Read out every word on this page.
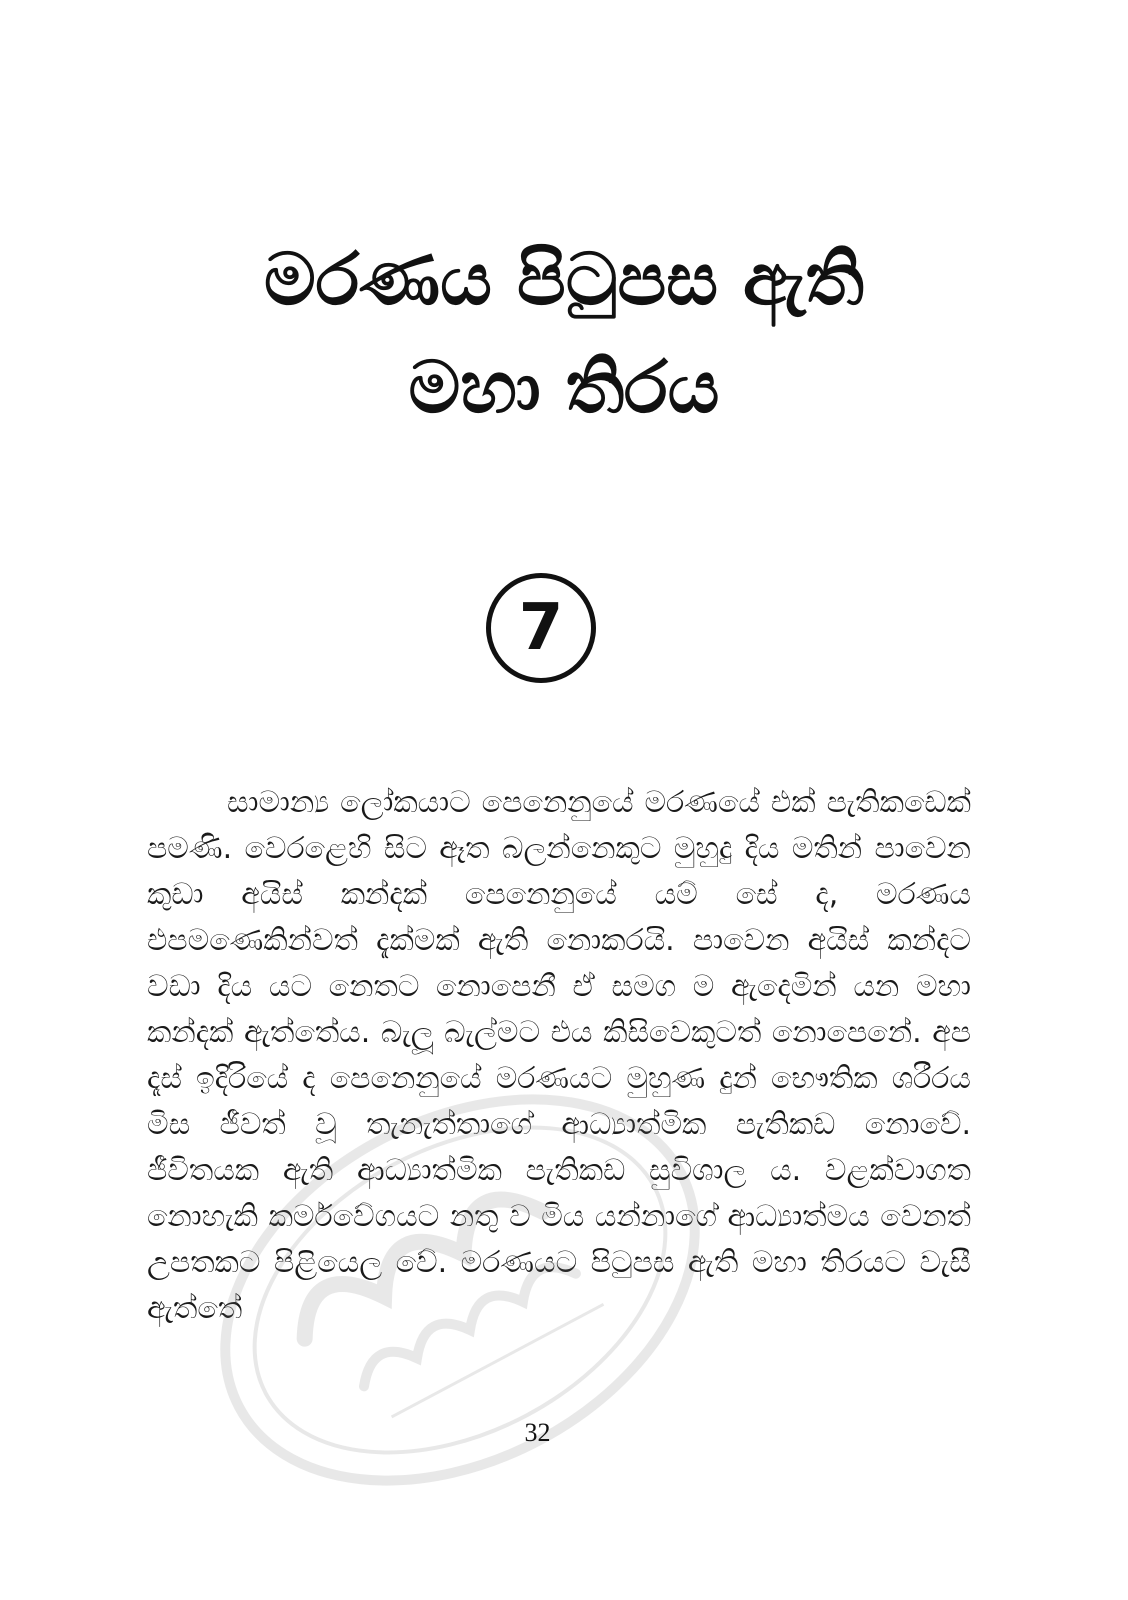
මරණය පිටුපස ඇති
මහා තිරය
7

සාමාන්‍ය ලෝකයාට පෙනෙනුයේ මරණයේ එක් පැතිකඩෙක් පමණි. වෙරළෙහි සිට ඈත බලන්නෙකුට මුහුදු දිය මතින් පාවෙන කුඩා අයිස් කන්දක් පෙනෙනුයේ යම් සේ ද, මරණය එපමණෙකින්වත් දැක්මක් ඇති නොකරයි. පාවෙන අයිස් කන්දට වඩා දිය යට නෙතට නොපෙනී ඒ සමග ම ඇදෙමින් යන මහා කන්දක් ඇත්තේය. බැලූ බැල්මට එය කිසිවෙකුටත් නොපෙනේ. අප දෑස් ඉදිරියේ ද පෙනෙනුයේ මරණයට මුහුණ දුන් භෞතික ශරීරය මිස ජීවත් වූ තැනැත්තාගේ ආධ්‍යාත්මික පැතිකඩ නොවේ. ජීවිතයක ඇති ආධ්‍යාත්මික පැතිකඩ සුවිශාල ය. වළක්වාගත නොහැකි කර්මවේගයට නතු ව මිය යන්නාගේ ආධ්‍යාත්මය වෙනත් උපතකට පිළියෙල වේ. මරණයට පිටුපස ඇති මහා තිරයට වැසී ඇත්තේ

32
